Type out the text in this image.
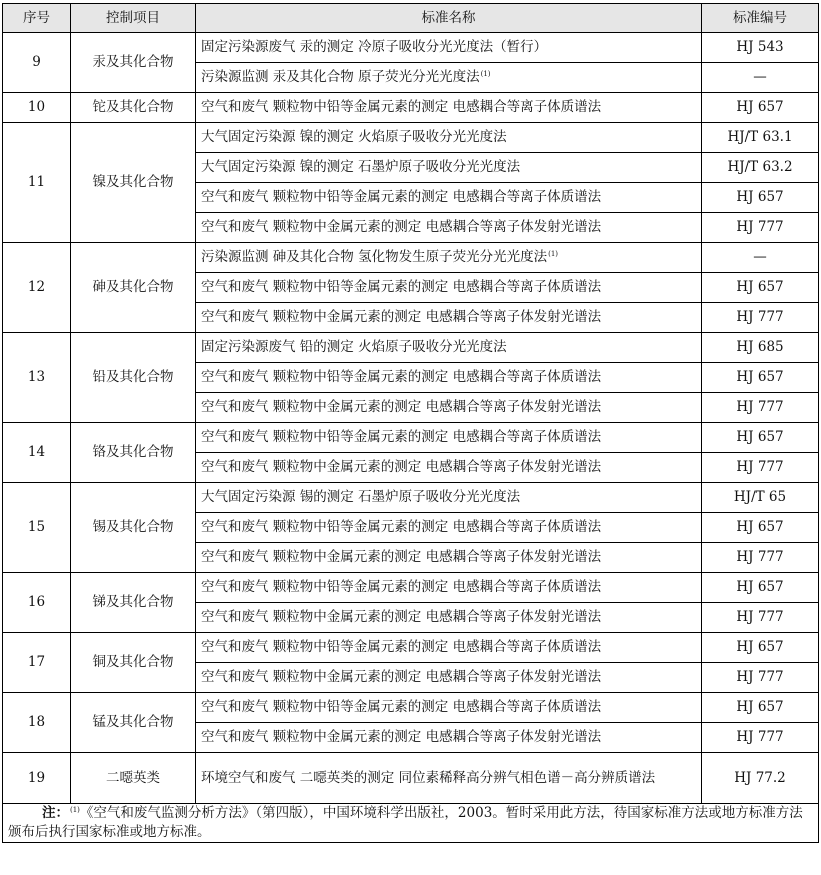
序号	控制项目	标准名称	标准编号
9	汞及其化合物	固定污染源废气 汞的测定 冷原子吸收分光光度法（暂行）	HJ 543
		污染源监测 汞及其化合物 原子荧光分光光度法$^{(1)}$	—
10	铊及其化合物	空气和废气 颗粒物中铅等金属元素的测定 电感耦合等离子体质谱法	HJ 657
11	镍及其化合物	大气固定污染源 镍的测定 火焰原子吸收分光光度法	HJ/T 63.1
		大气固定污染源 镍的测定 石墨炉原子吸收分光光度法	HJ/T 63.2
		空气和废气 颗粒物中铅等金属元素的测定 电感耦合等离子体质谱法	HJ 657
		空气和废气 颗粒物中金属元素的测定 电感耦合等离子体发射光谱法	HJ 777
12	砷及其化合物	污染源监测 砷及其化合物 氢化物发生原子荧光分光光度法$^{(1)}$	—
		空气和废气 颗粒物中铅等金属元素的测定 电感耦合等离子体质谱法	HJ 657
		空气和废气 颗粒物中金属元素的测定 电感耦合等离子体发射光谱法	HJ 777
13	铅及其化合物	固定污染源废气 铅的测定 火焰原子吸收分光光度法	HJ 685
		空气和废气 颗粒物中铅等金属元素的测定 电感耦合等离子体质谱法	HJ 657
		空气和废气 颗粒物中金属元素的测定 电感耦合等离子体发射光谱法	HJ 777
14	铬及其化合物	空气和废气 颗粒物中铅等金属元素的测定 电感耦合等离子体质谱法	HJ 657
		空气和废气 颗粒物中金属元素的测定 电感耦合等离子体发射光谱法	HJ 777
15	锡及其化合物	大气固定污染源 锡的测定 石墨炉原子吸收分光光度法	HJ/T 65
		空气和废气 颗粒物中铅等金属元素的测定 电感耦合等离子体质谱法	HJ 657
		空气和废气 颗粒物中金属元素的测定 电感耦合等离子体发射光谱法	HJ 777
16	锑及其化合物	空气和废气 颗粒物中铅等金属元素的测定 电感耦合等离子体质谱法	HJ 657
		空气和废气 颗粒物中金属元素的测定 电感耦合等离子体发射光谱法	HJ 777
17	铜及其化合物	空气和废气 颗粒物中铅等金属元素的测定 电感耦合等离子体质谱法	HJ 657
		空气和废气 颗粒物中金属元素的测定 电感耦合等离子体发射光谱法	HJ 777
18	锰及其化合物	空气和废气 颗粒物中铅等金属元素的测定 电感耦合等离子体质谱法	HJ 657
		空气和废气 颗粒物中金属元素的测定 电感耦合等离子体发射光谱法	HJ 777
19	二噁英类	环境空气和废气 二噁英类的测定 同位素稀释高分辨气相色谱－高分辨质谱法	HJ 77.2
注：$^{(1)}$《空气和废气监测分析方法》（第四版），中国环境科学出版社，2003。暂时采用此方法，待国家标准方法或地方标准方法颁布后执行国家标准或地方标准。			
